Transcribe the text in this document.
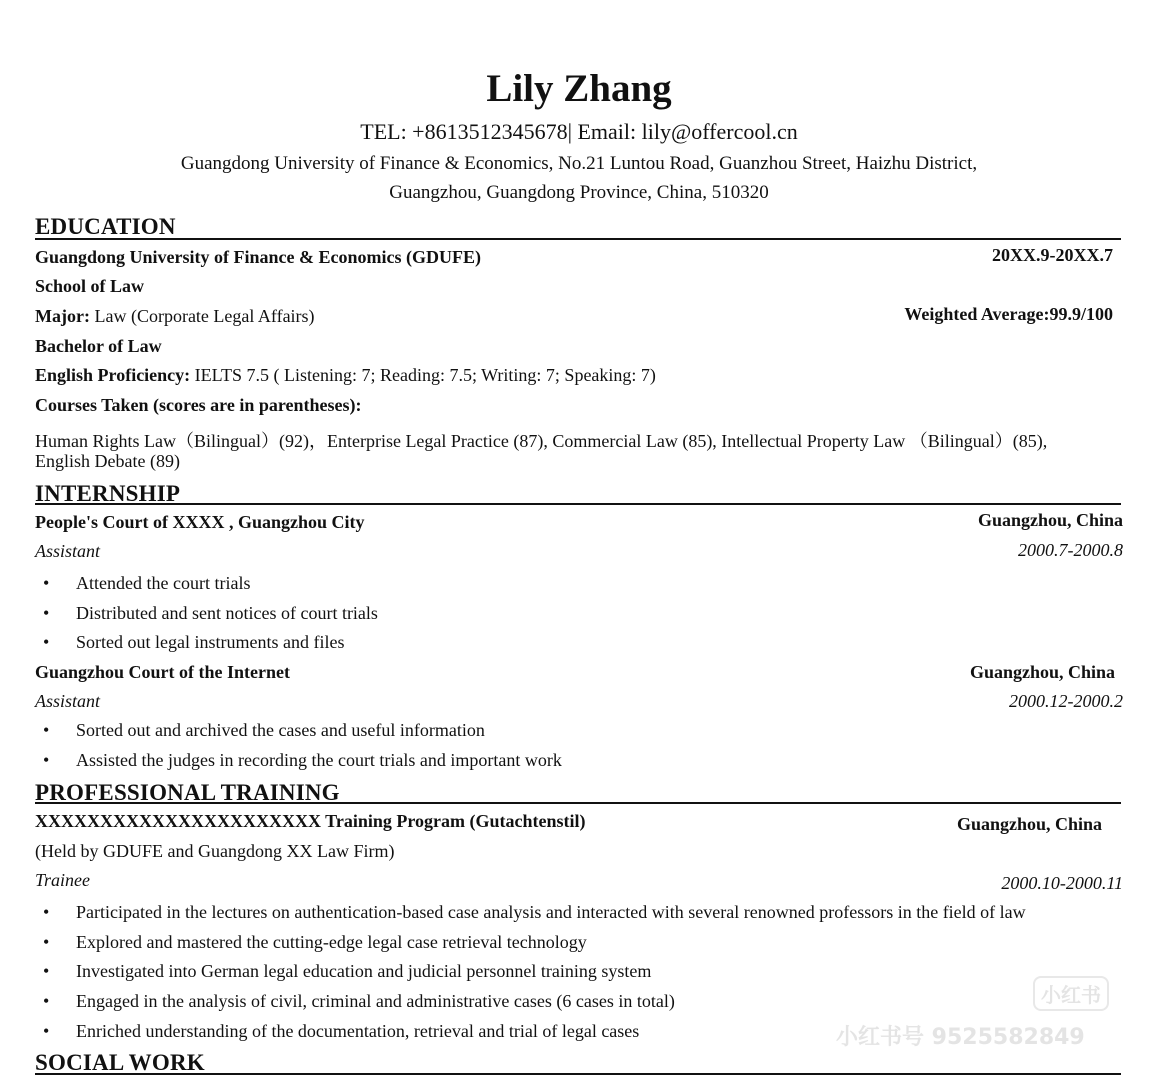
Lily Zhang
TEL: +8613512345678| Email: lily@offercool.cn
Guangdong University of Finance & Economics, No.21 Luntou Road, Guanzhou Street, Haizhu District,
Guangzhou, Guangdong Province, China, 510320
EDUCATION
Guangdong University of Finance & Economics (GDUFE)	20XX.9-20XX.7
School of Law
Major: Law (Corporate Legal Affairs)	Weighted Average:99.9/100
Bachelor of Law
English Proficiency: IELTS 7.5 ( Listening: 7; Reading: 7.5; Writing: 7; Speaking: 7)
Courses Taken (scores are in parentheses):
Human Rights Law（Bilingual）(92)，Enterprise Legal Practice (87), Commercial Law (85), Intellectual Property Law （Bilingual）(85),
English Debate (89)
INTERNSHIP
People's Court of XXXX , Guangzhou City	Guangzhou, China
Assistant	2000.7-2000.8
• Attended the court trials
• Distributed and sent notices of court trials
• Sorted out legal instruments and files
Guangzhou Court of the Internet	Guangzhou, China
Assistant	2000.12-2000.2
• Sorted out and archived the cases and useful information
• Assisted the judges in recording the court trials and important work
PROFESSIONAL TRAINING
XXXXXXXXXXXXXXXXXXXXXX Training Program (Gutachtenstil)	Guangzhou, China
(Held by GDUFE and Guangdong XX Law Firm)
Trainee	2000.10-2000.11
• Participated in the lectures on authentication-based case analysis and interacted with several renowned professors in the field of law
• Explored and mastered the cutting-edge legal case retrieval technology
• Investigated into German legal education and judicial personnel training system
• Engaged in the analysis of civil, criminal and administrative cases (6 cases in total)
• Enriched understanding of the documentation, retrieval and trial of legal cases
SOCIAL WORK
小红书
小红书号 9525582849
